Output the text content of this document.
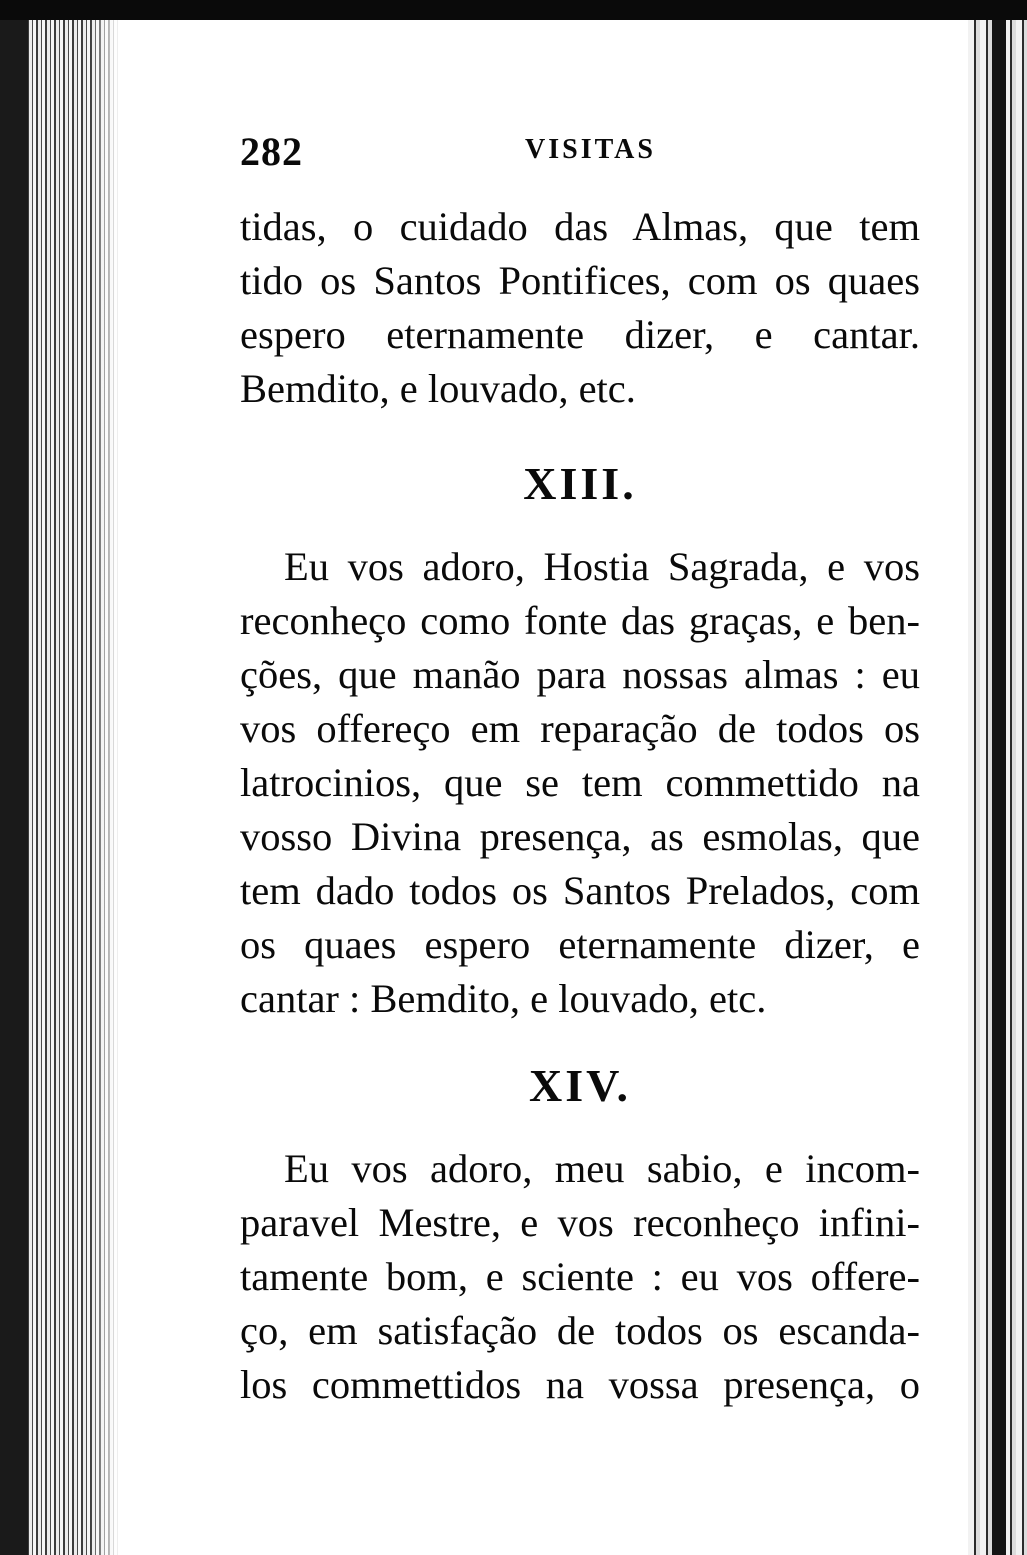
282	VISITAS

tidas, o cuidado das Almas, que tem
tido os Santos Pontifices, com os quaes
espero eternamente dizer, e cantar.
Bemdito, e louvado, etc.

XIII.

Eu vos adoro, Hostia Sagrada, e vos
reconheço como fonte das graças, e ben-
ções, que manão para nossas almas : eu
vos offereço em reparação de todos os
latrocinios, que se tem commettido na
vosso Divina presença, as esmolas, que
tem dado todos os Santos Prelados, com
os quaes espero eternamente dizer, e
cantar : Bemdito, e louvado, etc.

XIV.

Eu vos adoro, meu sabio, e incom-
paravel Mestre, e vos reconheço infini-
tamente bom, e sciente : eu vos offere-
ço, em satisfação de todos os escanda-
los commettidos na vossa presença, o
